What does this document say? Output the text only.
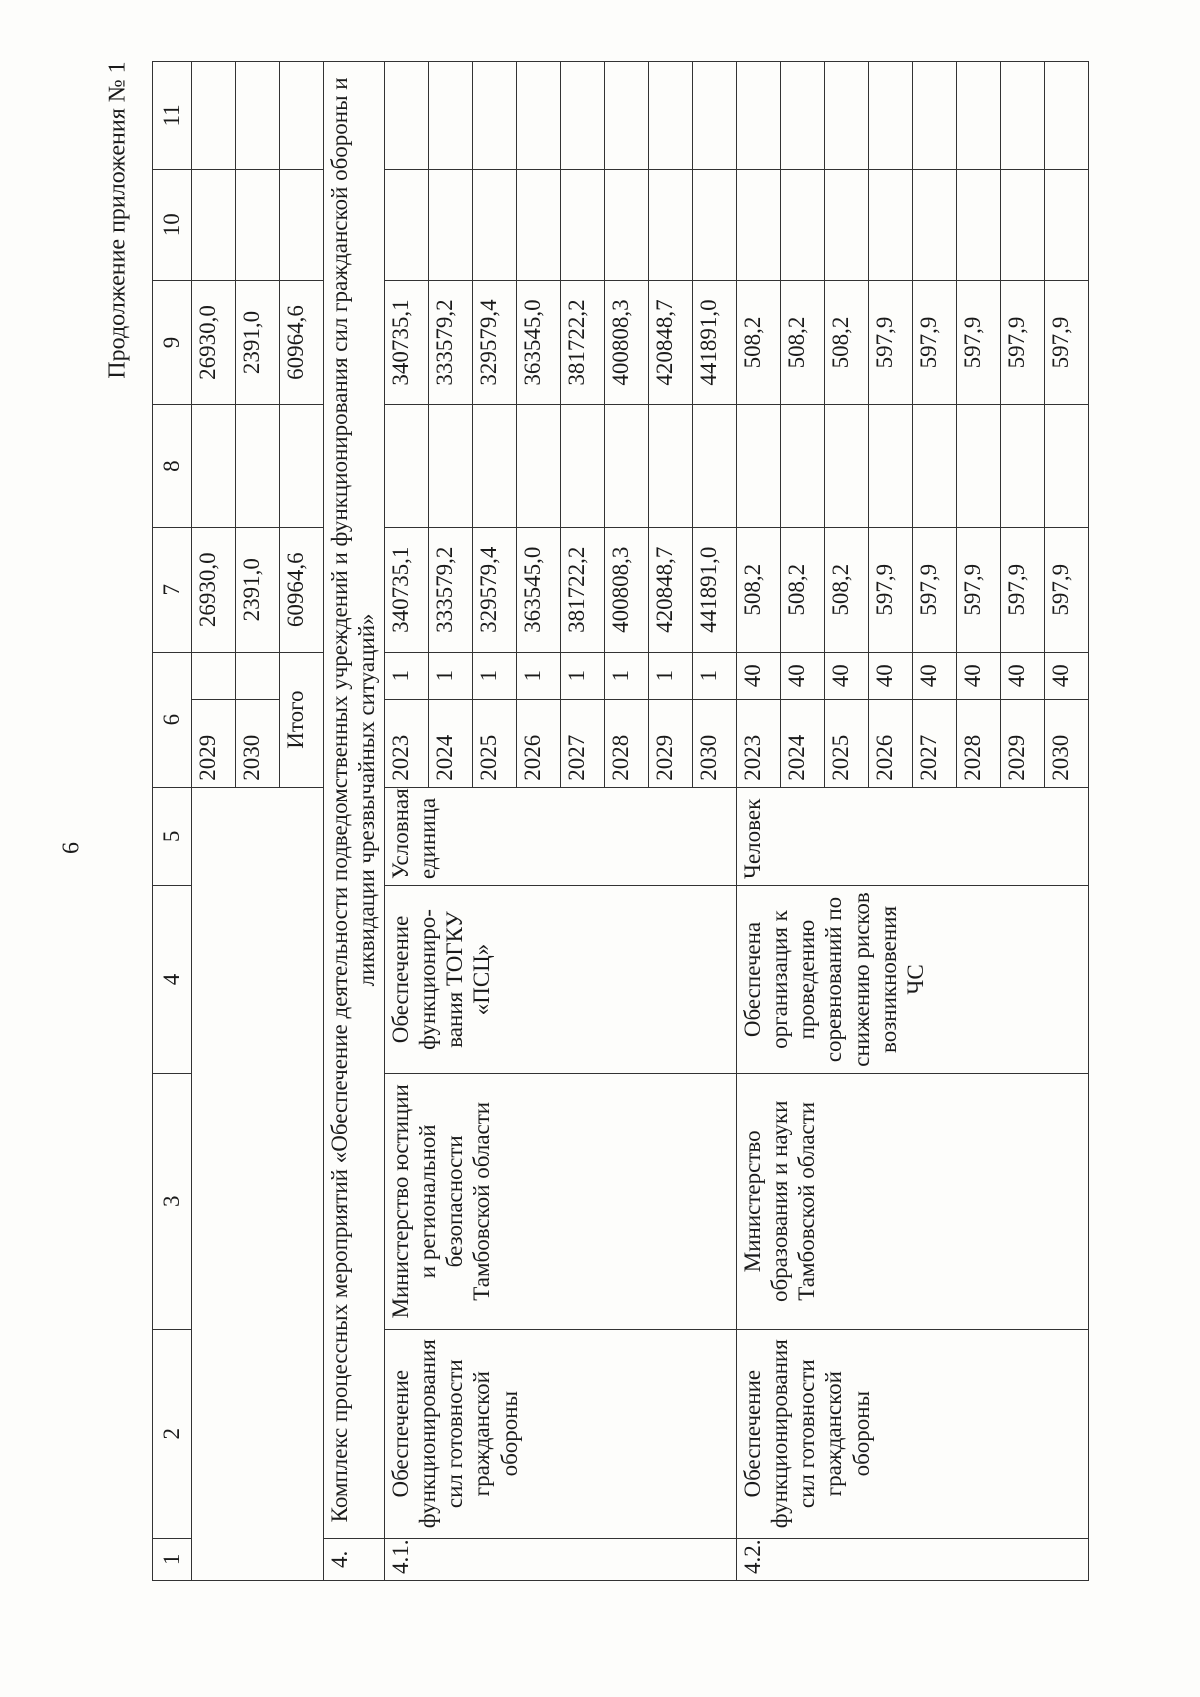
6
Продолжение приложения № 1
1	2	3	4	5	6		7	8	9	10	11
					2029		26930,0		26930,0		
					2030		2391,0		2391,0		
					Итого		60964,6		60964,6		
4.	Комплекс процессных мероприятий «Обеспечение деятельности подведомственных учреждений и функционирования сил гражданской обороны и ликвидации чрезвычайных ситуаций»										
4.1.	Обеспечение функционирования сил готовности гражданской обороны	Министерство юстиции и региональной безопасности Тамбовской области	Обеспечение функциониро-вания ТОГКУ «ПСЦ»	Условная единица	2023	1	340735,1		340735,1		
					2024	1	333579,2		333579,2		
					2025	1	329579,4		329579,4		
					2026	1	363545,0		363545,0		
					2027	1	381722,2		381722,2		
					2028	1	400808,3		400808,3		
					2029	1	420848,7		420848,7		
					2030	1	441891,0		441891,0		
4.2.	Обеспечение функционирования сил готовности гражданской обороны	Министерство образования и науки Тамбовской области	Обеспечена организация к проведению соревнований по снижению рисков возникновения ЧС	Человек	2023	40	508,2		508,2		
					2024	40	508,2		508,2		
					2025	40	508,2		508,2		
					2026	40	597,9		597,9		
					2027	40	597,9		597,9		
					2028	40	597,9		597,9		
					2029	40	597,9		597,9		
					2030	40	597,9		597,9		
